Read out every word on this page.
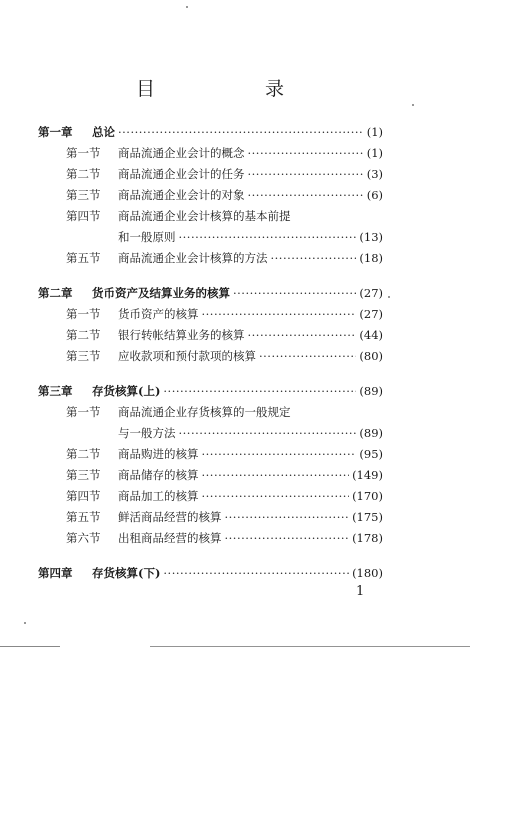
目 录
第一章	总论 ·····	(1)
第一节	商品流通企业会计的概念 ·····	(1)
第二节	商品流通企业会计的任务 ·····	(3)
第三节	商品流通企业会计的对象 ·····	(6)
第四节	商品流通企业会计核算的基本前提
和一般原则 ·····	(13)
第五节	商品流通企业会计核算的方法 ·····	(18)
第二章	货币资产及结算业务的核算 ·····	(27)
第一节	货币资产的核算 ·····	(27)
第二节	银行转帐结算业务的核算 ·····	(44)
第三节	应收款项和预付款项的核算 ·····	(80)
第三章	存货核算(上) ·····	(89)
第一节	商品流通企业存货核算的一般规定
与一般方法 ·····	(89)
第二节	商品购进的核算 ·····	(95)
第三节	商品储存的核算 ·····	(149)
第四节	商品加工的核算 ·····	(170)
第五节	鲜活商品经营的核算 ·····	(175)
第六节	出租商品经营的核算 ·····	(178)
第四章	存货核算(下) ·····	(180)
1
